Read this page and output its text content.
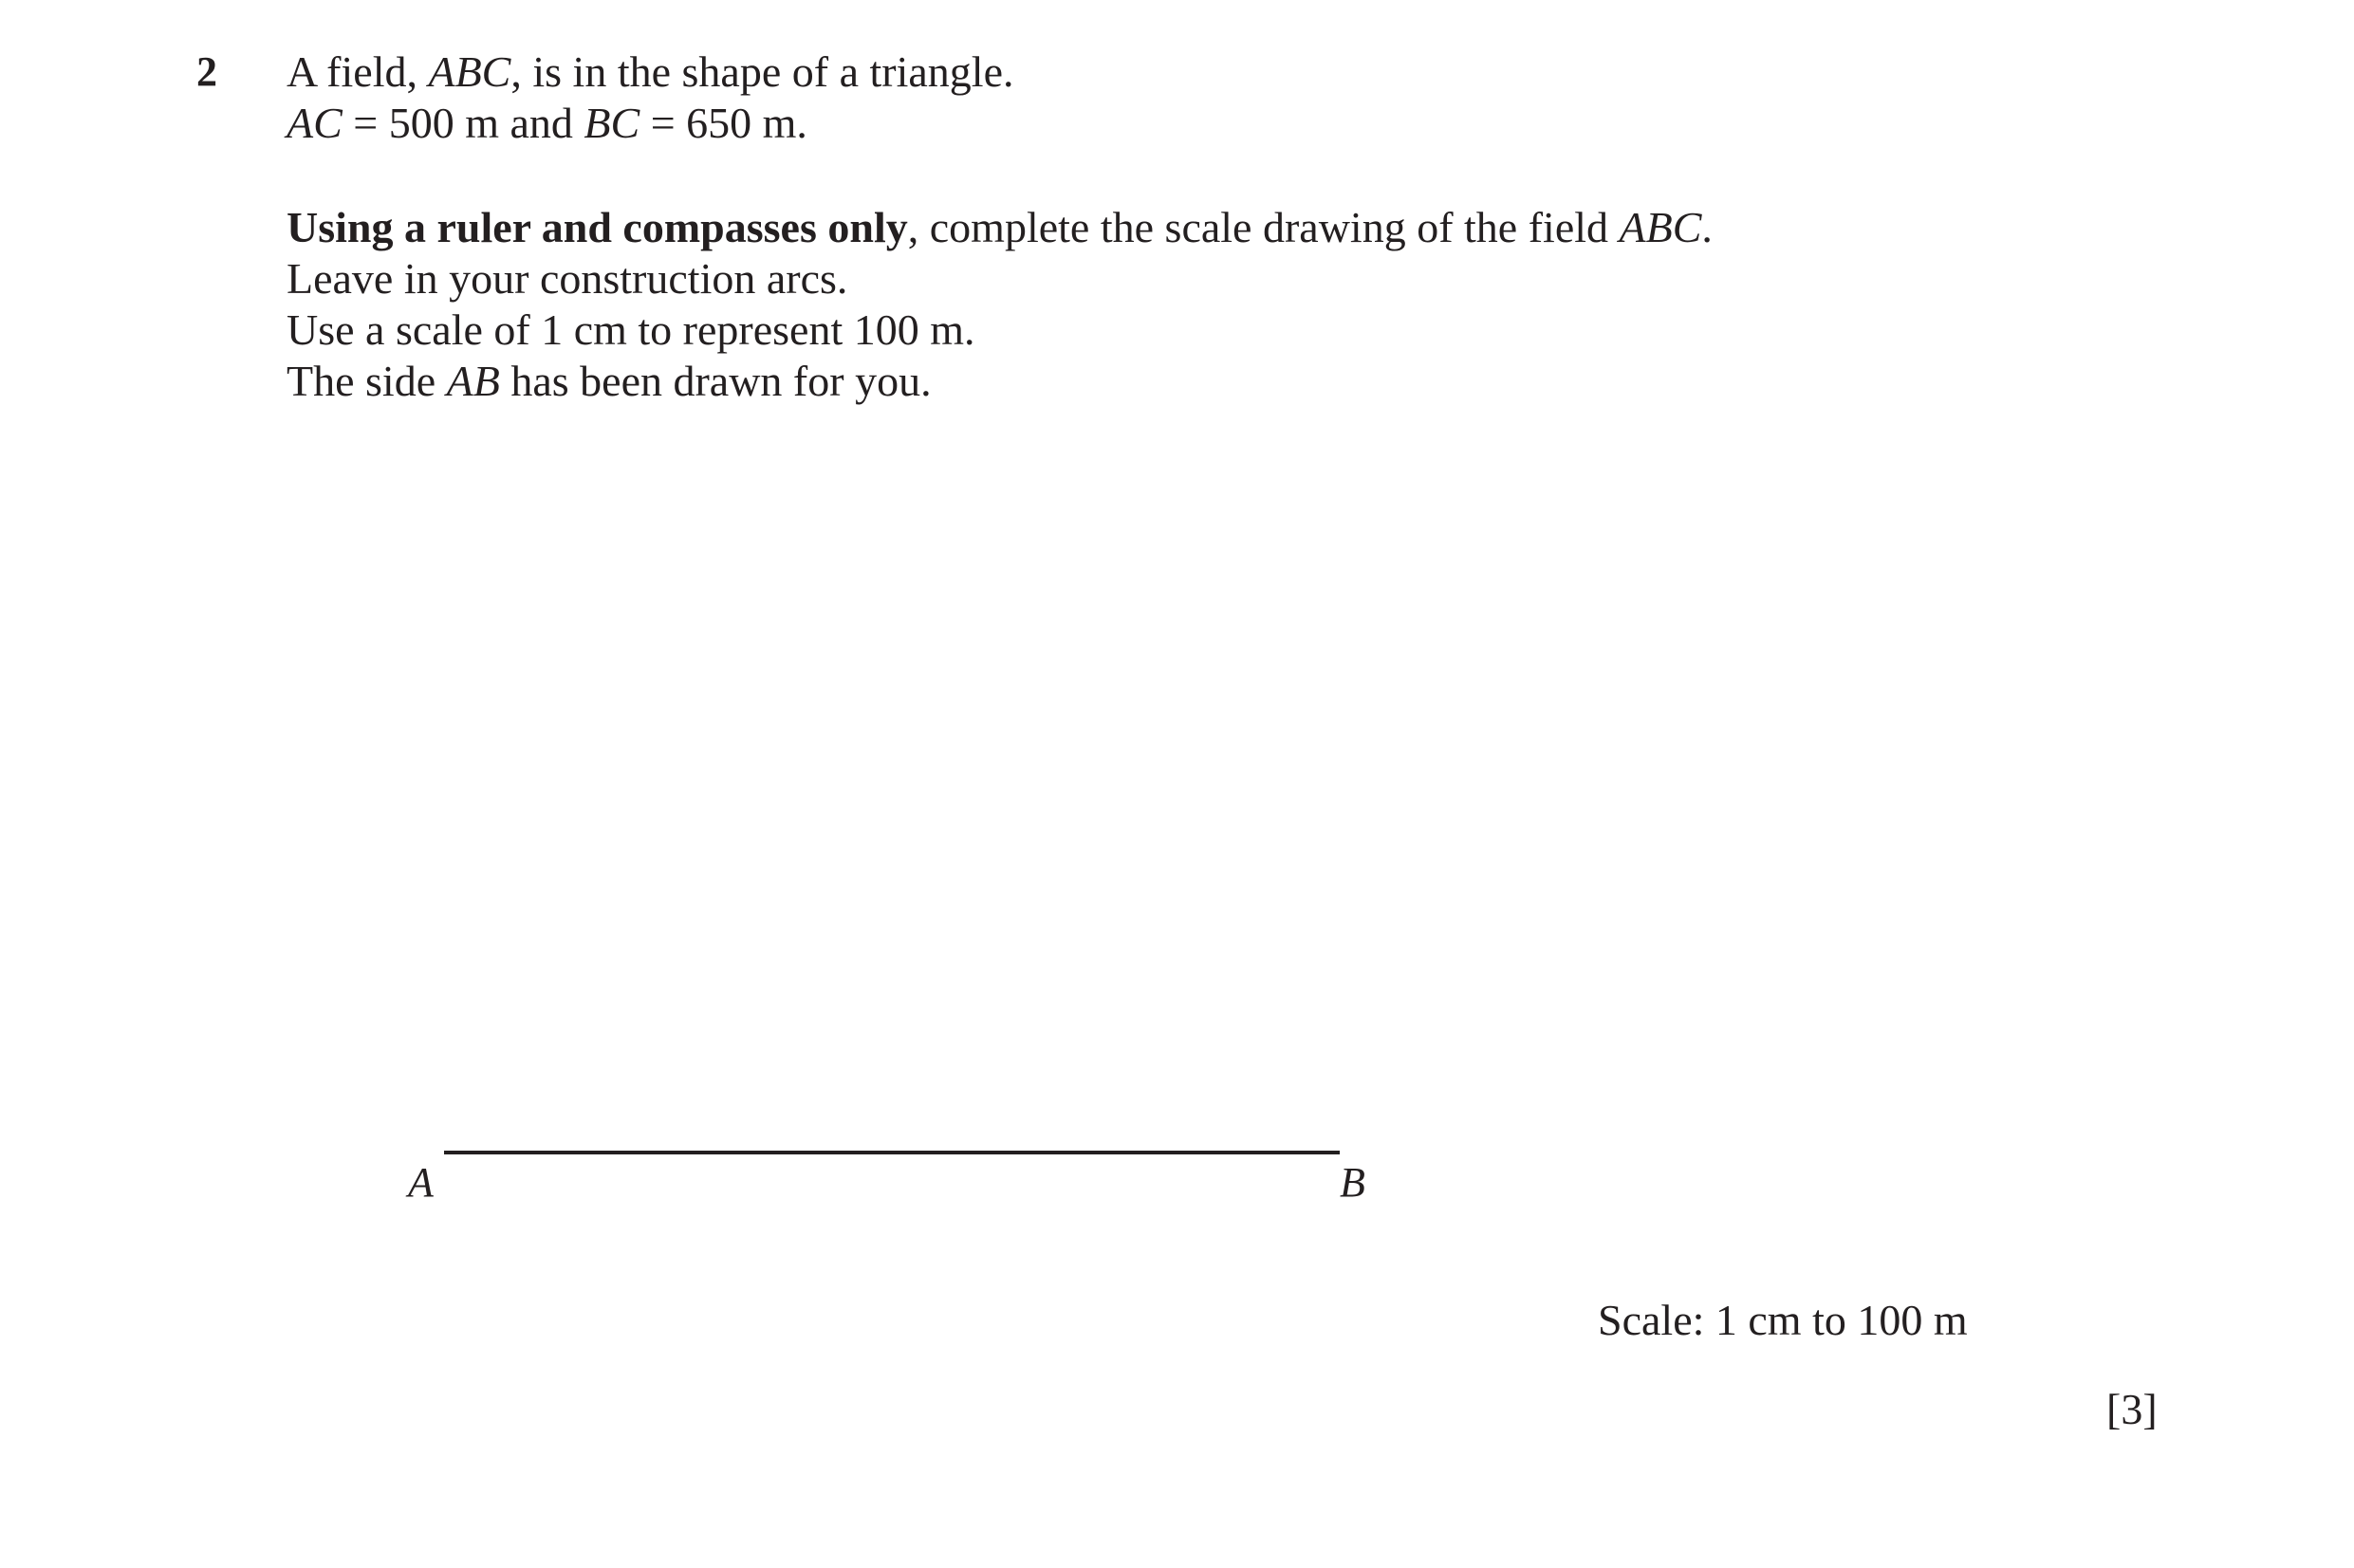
2 A field, ABC, is in the shape of a triangle.
AC = 500 m and BC = 650 m.
Using a ruler and compasses only, complete the scale drawing of the field ABC.
Leave in your construction arcs.
Use a scale of 1 cm to represent 100 m.
The side AB has been drawn for you.
A	B
Scale: 1 cm to 100 m
[3]
